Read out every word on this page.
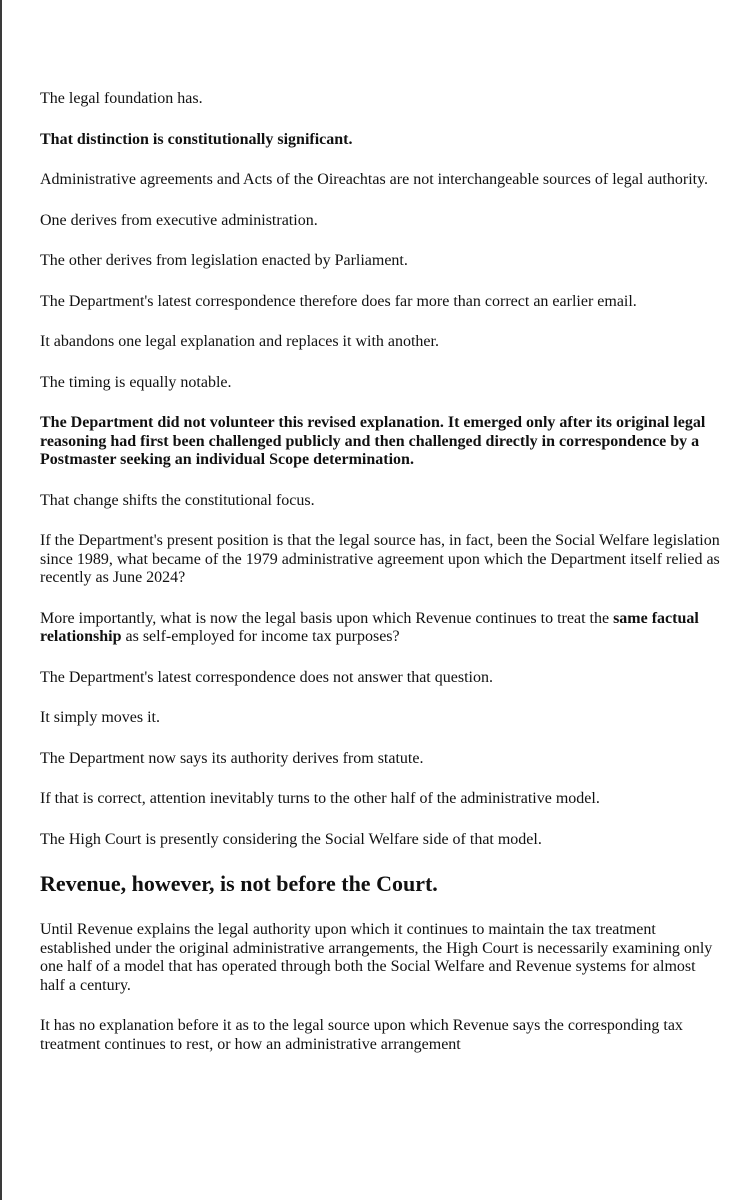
The legal foundation has.

That distinction is constitutionally significant.

Administrative agreements and Acts of the Oireachtas are not interchangeable sources of legal authority.

One derives from executive administration.

The other derives from legislation enacted by Parliament.

The Department's latest correspondence therefore does far more than correct an earlier email.

It abandons one legal explanation and replaces it with another.

The timing is equally notable.

The Department did not volunteer this revised explanation. It emerged only after its original legal reasoning had first been challenged publicly and then challenged directly in correspondence by a Postmaster seeking an individual Scope determination.

That change shifts the constitutional focus.

If the Department's present position is that the legal source has, in fact, been the Social Welfare legislation since 1989, what became of the 1979 administrative agreement upon which the Department itself relied as recently as June 2024?

More importantly, what is now the legal basis upon which Revenue continues to treat the same factual relationship as self-employed for income tax purposes?

The Department's latest correspondence does not answer that question.

It simply moves it.

The Department now says its authority derives from statute.

If that is correct, attention inevitably turns to the other half of the administrative model.

The High Court is presently considering the Social Welfare side of that model.

Revenue, however, is not before the Court.

Until Revenue explains the legal authority upon which it continues to maintain the tax treatment established under the original administrative arrangements, the High Court is necessarily examining only one half of a model that has operated through both the Social Welfare and Revenue systems for almost half a century.

It has no explanation before it as to the legal source upon which Revenue says the corresponding tax treatment continues to rest, or how an administrative arrangement
